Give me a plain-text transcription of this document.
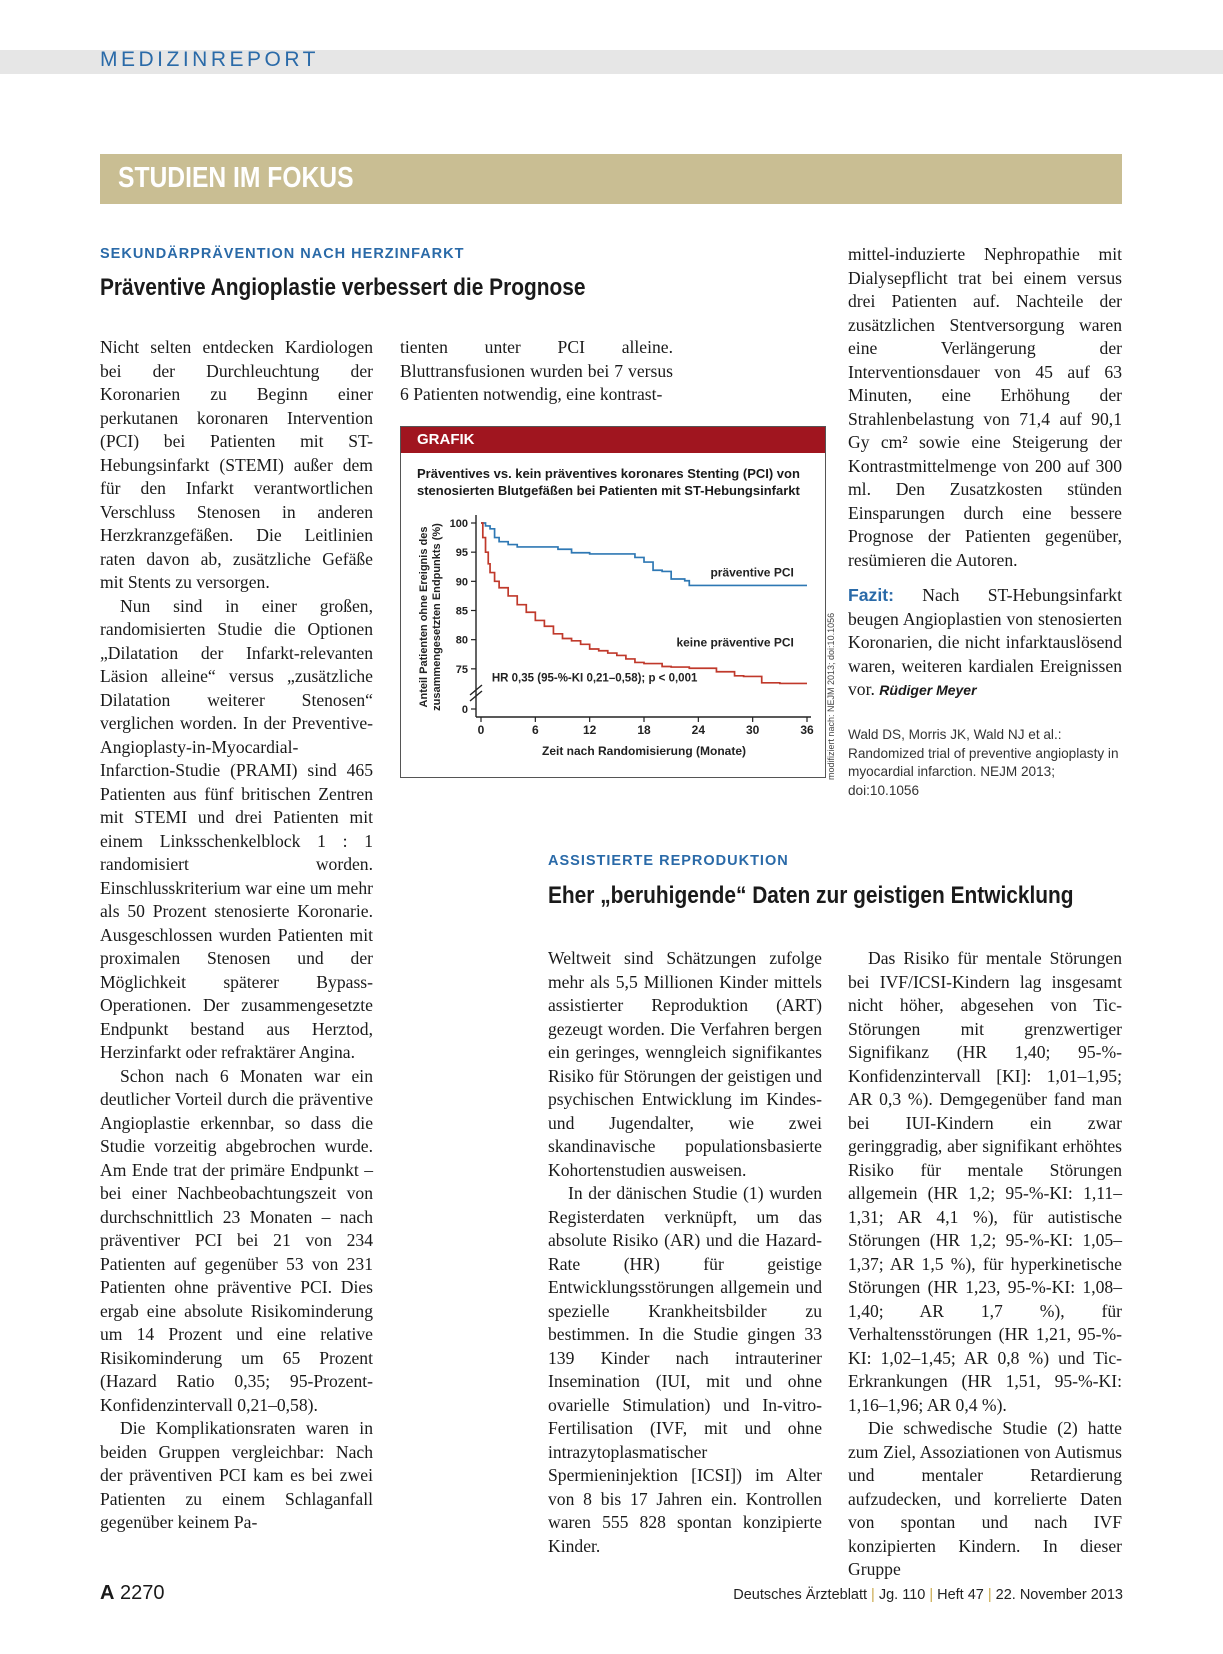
MEDIZINREPORT
STUDIEN IM FOKUS
SEKUNDÄRPRÄVENTION NACH HERZINFARKT
Präventive Angioplastie verbessert die Prognose

Nicht selten entdecken Kardiologen bei der Durchleuchtung der Koronarien zu Beginn einer perkutanen koronaren Intervention (PCI) bei Patienten mit ST-Hebungsinfarkt (STEMI) außer dem für den Infarkt verantwortlichen Verschluss Stenosen in anderen Herzkranzgefäßen. Die Leitlinien raten davon ab, zusätzliche Gefäße mit Stents zu versorgen.

Nun sind in einer großen, randomisierten Studie die Optionen „Dilatation der Infarkt-relevanten Läsion alleine“ versus „zusätzliche Dilatation weiterer Stenosen“ verglichen worden. In der Preventive-Angioplasty-in-Myocardial-Infarction-Studie (PRAMI) sind 465 Patienten aus fünf britischen Zentren mit STEMI und drei Patienten mit einem Linksschenkelblock 1 : 1 randomisiert worden. Einschlusskriterium war eine um mehr als 50 Prozent stenosierte Koronarie. Ausgeschlossen wurden Patienten mit proximalen Stenosen und der Möglichkeit späterer Bypass-Operationen. Der zusammengesetzte Endpunkt bestand aus Herztod, Herzinfarkt oder refraktärer Angina.

Schon nach 6 Monaten war ein deutlicher Vorteil durch die präventive Angioplastie erkennbar, so dass die Studie vorzeitig abgebrochen wurde. Am Ende trat der primäre Endpunkt – bei einer Nachbeobachtungszeit von durchschnittlich 23 Monaten – nach präventiver PCI bei 21 von 234 Patienten auf gegenüber 53 von 231 Patienten ohne präventive PCI. Dies ergab eine absolute Risikominderung um 14 Prozent und eine relative Risikominderung um 65 Prozent (Hazard Ratio 0,35; 95-Prozent-Konfidenzintervall 0,21–0,58).

Die Komplikationsraten waren in beiden Gruppen vergleichbar: Nach der präventiven PCI kam es bei zwei Patienten zu einem Schlaganfall gegenüber keinem Pa-

tienten unter PCI alleine. Bluttransfusionen wurden bei 7 versus 6 Patienten notwendig, eine kontrast-

mittel-induzierte Nephropathie mit Dialysepflicht trat bei einem versus drei Patienten auf. Nachteile der zusätzlichen Stentversorgung waren eine Verlängerung der Interventionsdauer von 45 auf 63 Minuten, eine Erhöhung der Strahlenbelastung von 71,4 auf 90,1 Gy cm² sowie eine Steigerung der Kontrastmittelmenge von 200 auf 300 ml. Den Zusatzkosten stünden Einsparungen durch eine bessere Prognose der Patienten gegenüber, resümieren die Autoren.

Fazit: Nach ST-Hebungsinfarkt beugen Angioplastien von stenosierten Koronarien, die nicht infarktauslösend waren, weiteren kardialen Ereignissen vor. Rüdiger Meyer

Wald DS, Morris JK, Wald NJ et al.: Randomized trial of preventive angioplasty in myocardial infarction. NEJM 2013; doi:10.1056
GRAFIK
Präventives vs. kein präventives koronares Stenting (PCI) von stenosierten Blutgefäßen bei Patienten mit ST-Hebungsinfarkt
0
75
80
85
90
95
100
0	6	12	18	24	30	36
Zeit nach Randomisierung (Monate)
Anteil Patienten ohne Ereignis deszusammengesetzten Endpunkts (%)	präventive PCI
keine präventive PCI
HR 0,35 (95-%-KI 0,21–0,58); p < 0,001	modifiziert nach: NEJM 2013; doi:10.1056
ASSISTIERTE REPRODUKTION
Eher „beruhigende“ Daten zur geistigen Entwicklung

Weltweit sind Schätzungen zufolge mehr als 5,5 Millionen Kinder mittels assistierter Reproduktion (ART) gezeugt worden. Die Verfahren bergen ein geringes, wenngleich signifikantes Risiko für Störungen der geistigen und psychischen Entwicklung im Kindes- und Jugendalter, wie zwei skandinavische populationsbasierte Kohortenstudien ausweisen.

In der dänischen Studie (1) wurden Registerdaten verknüpft, um das absolute Risiko (AR) und die Hazard-Rate (HR) für geistige Entwicklungsstörungen allgemein und spezielle Krankheitsbilder zu bestimmen. In die Studie gingen 33 139 Kinder nach intrauteriner Insemination (IUI, mit und ohne ovarielle Stimulation) und In-vitro-Fertilisation (IVF, mit und ohne intrazytoplasmatischer Spermieninjektion [ICSI]) im Alter von 8 bis 17 Jahren ein. Kontrollen waren 555 828 spontan konzipierte Kinder.

Das Risiko für mentale Störungen bei IVF/ICSI-Kindern lag insgesamt nicht höher, abgesehen von Tic-Störungen mit grenzwertiger Signifikanz (HR 1,40; 95-%-Konfidenzintervall [KI]: 1,01–1,95; AR 0,3 %). Demgegenüber fand man bei IUI-Kindern ein zwar geringgradig, aber signifikant erhöhtes Risiko für mentale Störungen allgemein (HR 1,2; 95-%-KI: 1,11–1,31; AR 4,1 %), für autistische Störungen (HR 1,2; 95-%-KI: 1,05–1,37; AR 1,5 %), für hyperkinetische Störungen (HR 1,23, 95-%-KI: 1,08–1,40; AR 1,7 %), für Verhaltensstörungen (HR 1,21, 95-%-KI: 1,02–1,45; AR 0,8 %) und Tic-Erkrankungen (HR 1,51, 95-%-KI: 1,16–1,96; AR 0,4 %).

Die schwedische Studie (2) hatte zum Ziel, Assoziationen von Autismus und mentaler Retardierung aufzudecken, und korrelierte Daten von spontan und nach IVF konzipierten Kindern. In dieser Gruppe

A 2270	Deutsches Ärzteblatt | Jg. 110 | Heft 47 | 22. November 2013
